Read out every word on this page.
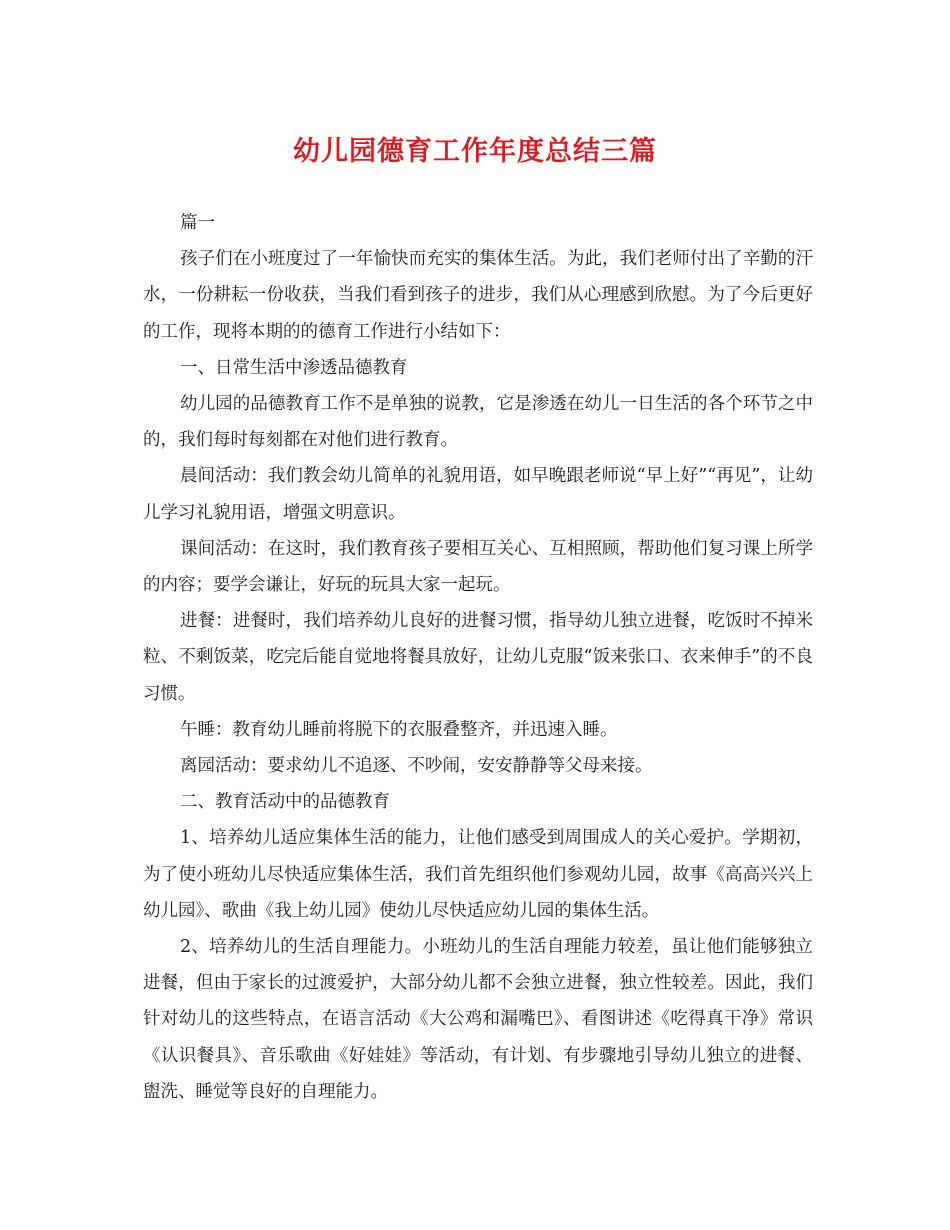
幼儿园德育工作年度总结三篇

篇一

孩子们在小班度过了一年愉快而充实的集体生活。为此，我们老师付出了辛勤的汗水，一份耕耘一份收获，当我们看到孩子的进步，我们从心理感到欣慰。为了今后更好的工作，现将本期的的德育工作进行小结如下：

一、日常生活中渗透品德教育

幼儿园的品德教育工作不是单独的说教，它是渗透在幼儿一日生活的各个环节之中的，我们每时每刻都在对他们进行教育。

晨间活动：我们教会幼儿简单的礼貌用语，如早晚跟老师说“早上好”“再见”，让幼儿学习礼貌用语，增强文明意识。

课间活动：在这时，我们教育孩子要相互关心、互相照顾，帮助他们复习课上所学的内容；要学会谦让，好玩的玩具大家一起玩。

进餐：进餐时，我们培养幼儿良好的进餐习惯，指导幼儿独立进餐，吃饭时不掉米粒、不剩饭菜，吃完后能自觉地将餐具放好，让幼儿克服“饭来张口、衣来伸手”的不良习惯。

午睡：教育幼儿睡前将脱下的衣服叠整齐，并迅速入睡。

离园活动：要求幼儿不追逐、不吵闹，安安静静等父母来接。

二、教育活动中的品德教育

1、培养幼儿适应集体生活的能力，让他们感受到周围成人的关心爱护。学期初，为了使小班幼儿尽快适应集体生活，我们首先组织他们参观幼儿园，故事《高高兴兴上幼儿园》、歌曲《我上幼儿园》使幼儿尽快适应幼儿园的集体生活。

2、培养幼儿的生活自理能力。小班幼儿的生活自理能力较差，虽让他们能够独立进餐，但由于家长的过渡爱护，大部分幼儿都不会独立进餐，独立性较差。因此，我们针对幼儿的这些特点，在语言活动《大公鸡和漏嘴巴》、看图讲述《吃得真干净》常识《认识餐具》、音乐歌曲《好娃娃》等活动，有计划、有步骤地引导幼儿独立的进餐、盥洗、睡觉等良好的自理能力。
